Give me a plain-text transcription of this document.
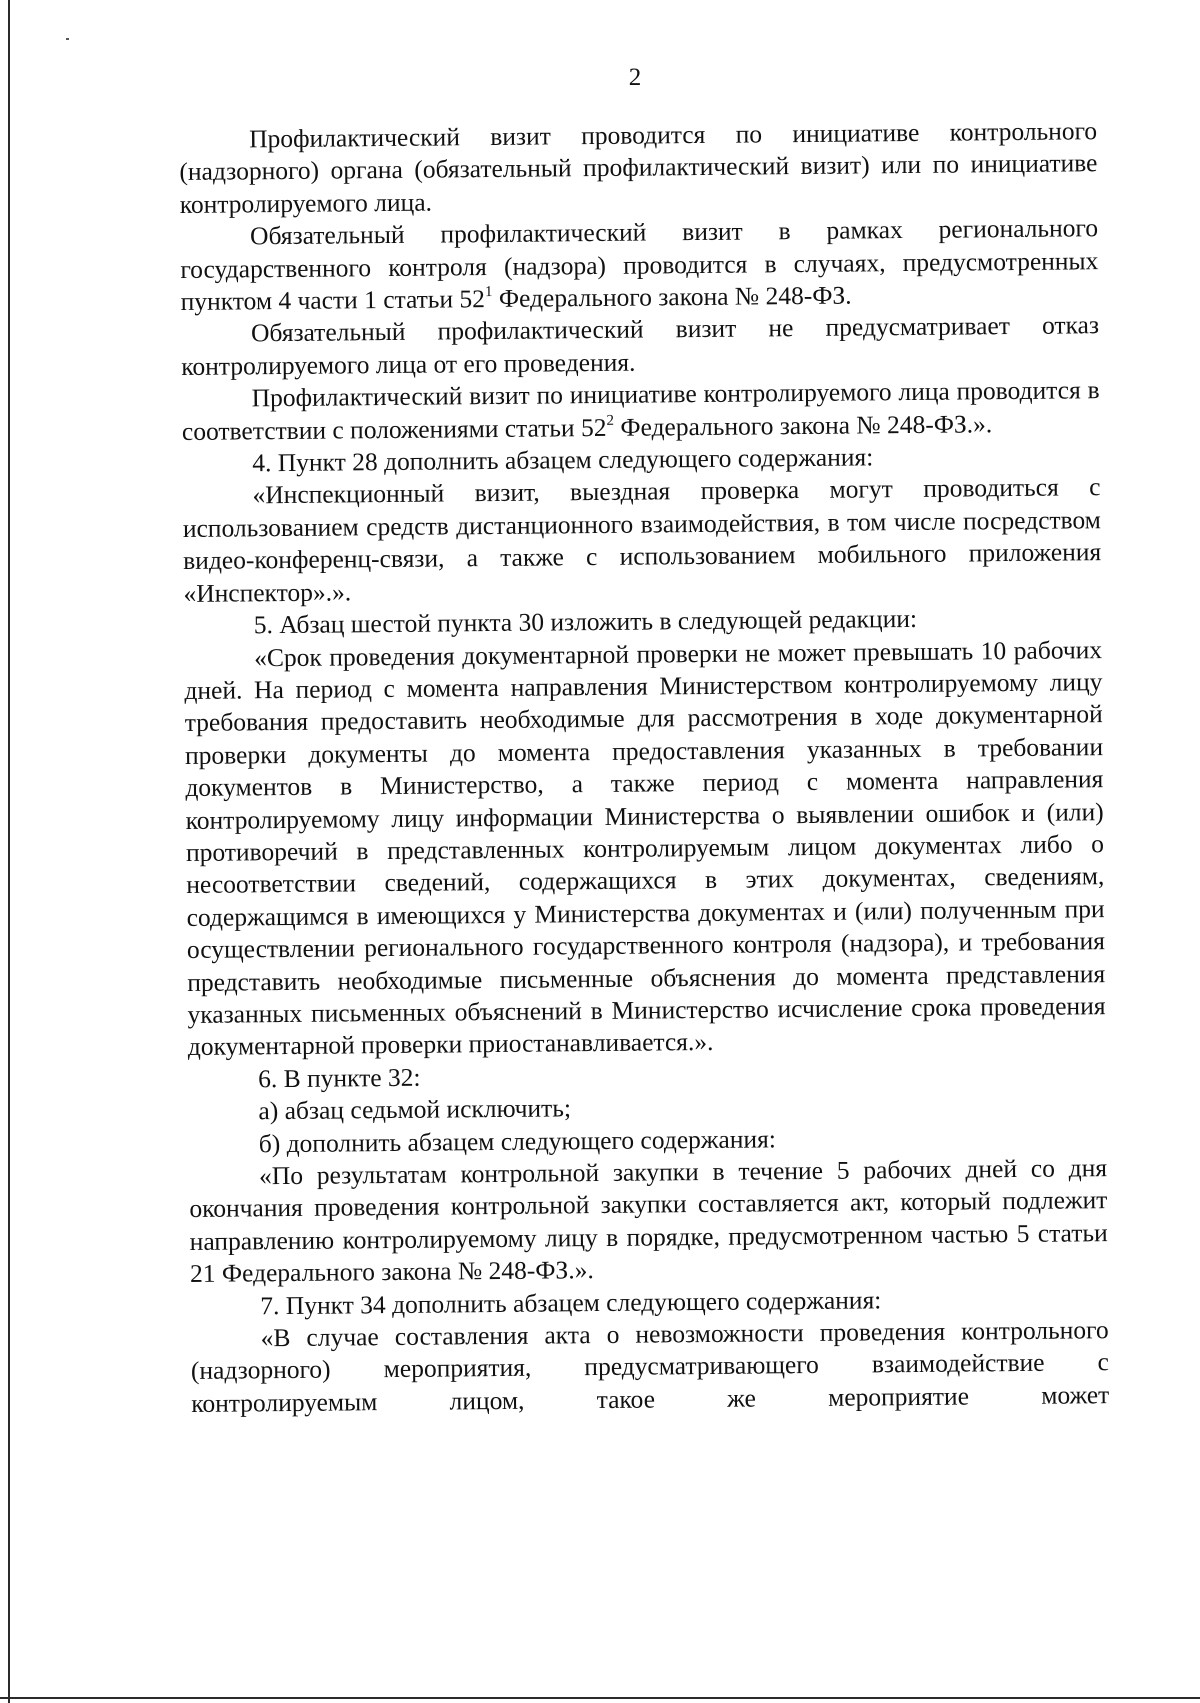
2

Профилактический визит проводится по инициативе контрольного (надзорного) органа (обязательный профилактический визит) или по инициативе контролируемого лица.

Обязательный профилактический визит в рамках регионального государственного контроля (надзора) проводится в случаях, предусмотренных пунктом 4 части 1 статьи $52^1$ Федерального закона № 248-ФЗ.

Обязательный профилактический визит не предусматривает отказ контролируемого лица от его проведения.

Профилактический визит по инициативе контролируемого лица проводится в соответствии с положениями статьи $52^2$ Федерального закона № 248-ФЗ.».

4. Пункт 28 дополнить абзацем следующего содержания:

«Инспекционный визит, выездная проверка могут проводиться с использованием средств дистанционного взаимодействия, в том числе посредством видео-конференц-связи, а также с использованием мобильного приложения «Инспектор».».

5. Абзац шестой пункта 30 изложить в следующей редакции:

«Срок проведения документарной проверки не может превышать 10 рабочих дней. На период с момента направления Министерством контролируемому лицу требования предоставить необходимые для рассмотрения в ходе документарной проверки документы до момента предоставления указанных в требовании документов в Министерство, а также период с момента направления контролируемому лицу информации Министерства о выявлении ошибок и (или) противоречий в представленных контролируемым лицом документах либо о несоответствии сведений, содержащихся в этих документах, сведениям, содержащимся в имеющихся у Министерства документах и (или) полученным при осуществлении регионального государственного контроля (надзора), и требования представить необходимые письменные объяснения до момента представления указанных письменных объяснений в Министерство исчисление срока проведения документарной проверки приостанавливается.».

6. В пункте 32:

а) абзац седьмой исключить;

б) дополнить абзацем следующего содержания:

«По результатам контрольной закупки в течение 5 рабочих дней со дня окончания проведения контрольной закупки составляется акт, который подлежит направлению контролируемому лицу в порядке, предусмотренном частью 5 статьи 21 Федерального закона № 248-ФЗ.».

7. Пункт 34 дополнить абзацем следующего содержания:

«В случае составления акта о невозможности проведения контрольного (надзорного) мероприятия, предусматривающего взаимодействие с контролируемым лицом, такое же мероприятие может
